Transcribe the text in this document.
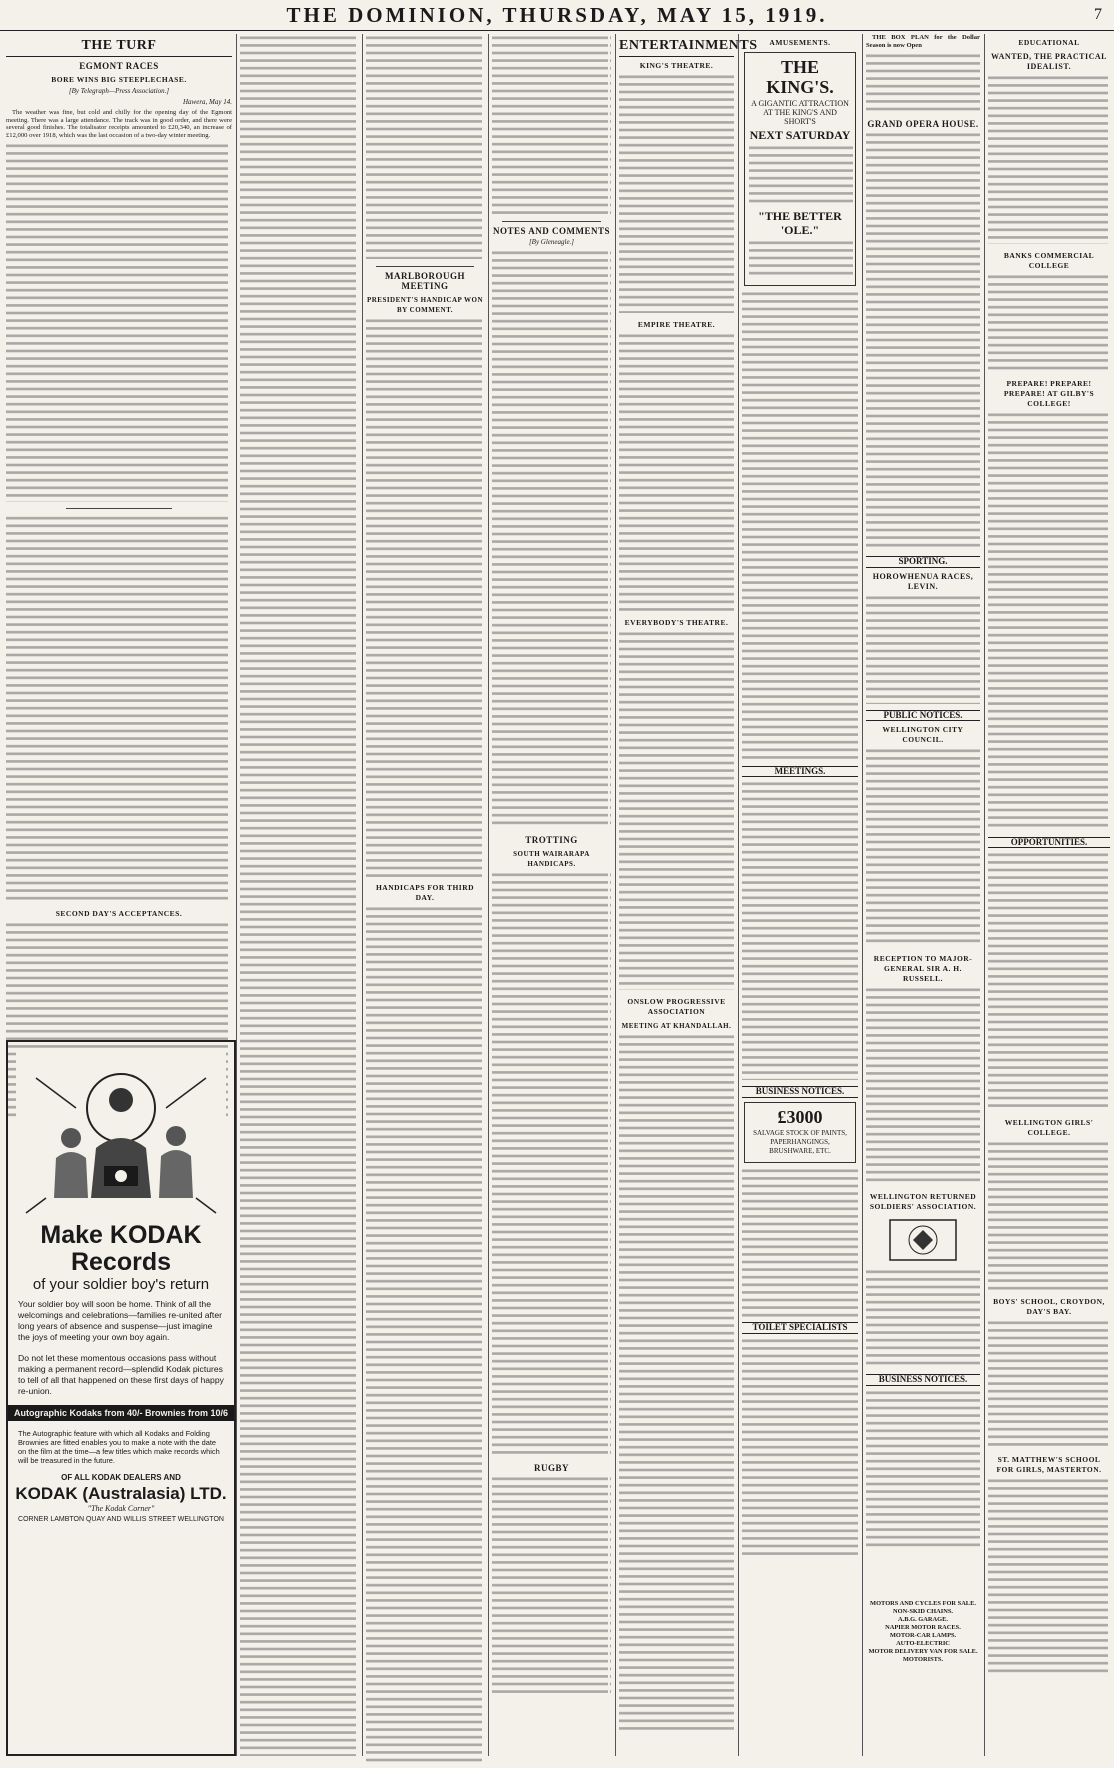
THE DOMINION, THURSDAY, MAY 15, 1919.	7
THE TURF
EGMONT RACES
BORE WINS BIG STEEPLECHASE.
[By Telegraph—Press Association.]
Hawera, May 14.

The weather was fine, but cold and chilly for the opening day of the Egmont meeting. There was a large attendance. The track was in good order, and there were several good finishes. The totalisator receipts amounted to £20,340, an increase of £12,000 over 1918, which was the last occasion of a two-day winter meeting.

SECOND DAY'S ACCEPTANCES.
Make KODAK Records
of your soldier boy's return
Your soldier boy will soon be home. Think of all the welcomings and celebrations—families re-united after long years of absence and suspense—just imagine the joys of meeting your own boy again.
Do not let these momentous occasions pass without making a permanent record—splendid Kodak pictures to tell of all that happened on these first days of happy re-union.
Autographic Kodaks from 40/- Brownies from 10/6
The Autographic feature with which all Kodaks and Folding Brownies are fitted enables you to make a note with the date on the film at the time—a few titles which make records which will be treasured in the future.
OF ALL KODAK DEALERS AND
KODAK (Australasia) LTD.
"The Kodak Corner"
CORNER LAMBTON QUAY AND WILLIS STREET WELLINGTON
MARLBOROUGH MEETING
PRESIDENT'S HANDICAP WON BY COMMENT.
HANDICAPS FOR THIRD DAY.
NOTES AND COMMENTS
[By Gleneagle.]
TROTTING
SOUTH WAIRARAPA HANDICAPS.
RUGBY
ENTERTAINMENTS
KING'S THEATRE.
EMPIRE THEATRE.
EVERYBODY'S THEATRE.
ONSLOW PROGRESSIVE ASSOCIATION
MEETING AT KHANDALLAH.
AMUSEMENTS.
THE KING'S.
A GIGANTIC ATTRACTION AT THE KING'S AND SHORT'S
NEXT SATURDAY
"THE BETTER 'OLE."
MEETINGS.
BUSINESS NOTICES.
£3000
SALVAGE STOCK OF PAINTS, PAPERHANGINGS, BRUSHWARE, ETC.
TOILET SPECIALISTS
THE BOX PLAN for the Dollar Season is now Open
GRAND OPERA HOUSE.
SPORTING.
HOROWHENUA RACES, LEVIN.
PUBLIC NOTICES.
WELLINGTON CITY COUNCIL.
RECEPTION TO MAJOR-GENERAL SIR A. H. RUSSELL.
WELLINGTON RETURNED SOLDIERS' ASSOCIATION.
BUSINESS NOTICES.
EDUCATIONAL
WANTED, THE PRACTICAL IDEALIST.
BANKS COMMERCIAL COLLEGE
PREPARE! PREPARE! PREPARE! AT GILBY'S COLLEGE!
OPPORTUNITIES.
WELLINGTON GIRLS' COLLEGE.
BOYS' SCHOOL, CROYDON, DAY'S BAY.
ST. MATTHEW'S SCHOOL FOR GIRLS, MASTERTON.
MOTORS AND CYCLES FOR SALE.
NON-SKID CHAINS.
A.B.G. GARAGE.
NAPIER MOTOR RACES.
MOTOR-CAR LAMPS.
AUTO-ELECTRIC
MOTOR DELIVERY VAN FOR SALE.
MOTORISTS.
